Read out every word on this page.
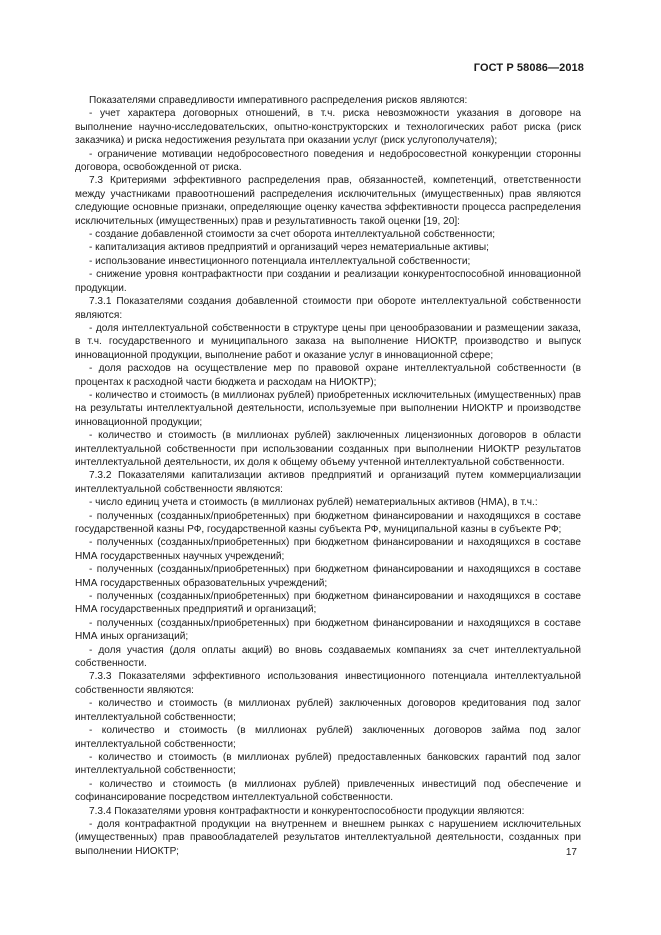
ГОСТ Р 58086—2018

Показателями справедливости императивного распределения рисков являются:

- учет характера договорных отношений, в т.ч. риска невозможности указания в договоре на выполнение научно-исследовательских, опытно-конструкторских и технологических работ риска (риск заказчика) и риска недостижения результата при оказании услуг (риск услугополучателя);

- ограничение мотивации недобросовестного поведения и недобросовестной конкуренции сторонны договора, освобожденной от риска.

7.3 Критериями эффективного распределения прав, обязанностей, компетенций, ответственности между участниками правоотношений распределения исключительных (имущественных) прав являются следующие основные признаки, определяющие оценку качества эффективности процесса распределения исключительных (имущественных) прав и результативность такой оценки [19, 20]:

- создание добавленной стоимости за счет оборота интеллектуальной собственности;

- капитализация активов предприятий и организаций через нематериальные активы;

- использование инвестиционного потенциала интеллектуальной собственности;

- снижение уровня контрафактности при создании и реализации конкурентоспособной инновационной продукции.

7.3.1 Показателями создания добавленной стоимости при обороте интеллектуальной собственности являются:

- доля интеллектуальной собственности в структуре цены при ценообразовании и размещении заказа, в т.ч. государственного и муниципального заказа на выполнение НИОКТР, производство и выпуск инновационной продукции, выполнение работ и оказание услуг в инновационной сфере;

- доля расходов на осуществление мер по правовой охране интеллектуальной собственности (в процентах к расходной части бюджета и расходам на НИОКТР);

- количество и стоимость (в миллионах рублей) приобретенных исключительных (имущественных) прав на результаты интеллектуальной деятельности, используемые при выполнении НИОКТР и производстве инновационной продукции;

- количество и стоимость (в миллионах рублей) заключенных лицензионных договоров в области интеллектуальной собственности при использовании созданных при выполнении НИОКТР результатов интеллектуальной деятельности, их доля к общему объему учтенной интеллектуальной собственности.

7.3.2 Показателями капитализации активов предприятий и организаций путем коммерциализации интеллектуальной собственности являются:

- число единиц учета и стоимость (в миллионах рублей) нематериальных активов (НМА), в т.ч.:

- полученных (созданных/приобретенных) при бюджетном финансировании и находящихся в составе государственной казны РФ, государственной казны субъекта РФ, муниципальной казны в субъекте РФ;

- полученных (созданных/приобретенных) при бюджетном финансировании и находящихся в составе НМА государственных научных учреждений;

- полученных (созданных/приобретенных) при бюджетном финансировании и находящихся в составе НМА государственных образовательных учреждений;

- полученных (созданных/приобретенных) при бюджетном финансировании и находящихся в составе НМА государственных предприятий и организаций;

- полученных (созданных/приобретенных) при бюджетном финансировании и находящихся в составе НМА иных организаций;

- доля участия (доля оплаты акций) во вновь создаваемых компаниях за счет интеллектуальной собственности.

7.3.3 Показателями эффективного использования инвестиционного потенциала интеллектуальной собственности являются:

- количество и стоимость (в миллионах рублей) заключенных договоров кредитования под залог интеллектуальной собственности;

- количество и стоимость (в миллионах рублей) заключенных договоров займа под залог интеллектуальной собственности;

- количество и стоимость (в миллионах рублей) предоставленных банковских гарантий под залог интеллектуальной собственности;

- количество и стоимость (в миллионах рублей) привлеченных инвестиций под обеспечение и софинансирование посредством интеллектуальной собственности.

7.3.4 Показателями уровня контрафактности и конкурентоспособности продукции являются:

- доля контрафактной продукции на внутреннем и внешнем рынках с нарушением исключительных (имущественных) прав правообладателей результатов интеллектуальной деятельности, созданных при выполнении НИОКТР;	17
